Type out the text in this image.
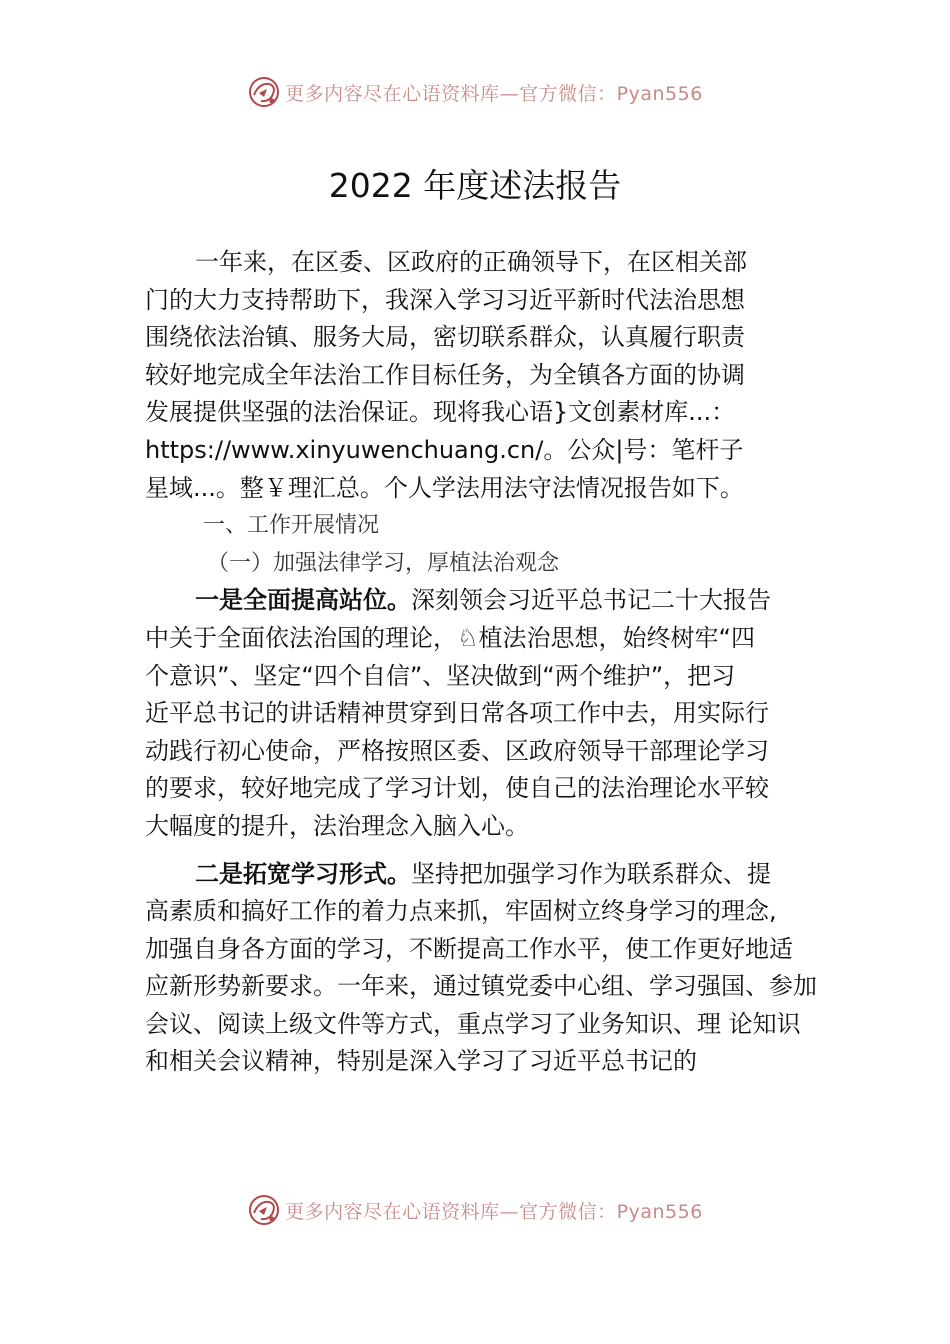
更多内容尽在心语资料库—官方微信：Pyan556
2022 年度述法报告

一年来，在区委、区政府的正确领导下，在区相关部
门的大力支持帮助下，我深入学习习近平新时代法治思想
围绕依法治镇、服务大局，密切联系群众，认真履行职责
较好地完成全年法治工作目标任务，为全镇各方面的协调
发展提供坚强的法治保证。现将我心语}文创素材库...：
https://www.xinyuwenchuang.cn/。公众|号：笔杆子
星域...。整￥理汇总。个人学法用法守法情况报告如下。

一、工作开展情况

（一）加强法律学习，厚植法治观念

一是全面提高站位。深刻领会习近平总书记二十大报告
中关于全面依法治国的理论，♘植法治思想，始终树牢“四
个意识”、坚定“四个自信”、坚决做到“两个维护”，把习
近平总书记的讲话精神贯穿到日常各项工作中去，用实际行
动践行初心使命，严格按照区委、区政府领导干部理论学习
的要求，较好地完成了学习计划，使自己的法治理论水平较
大幅度的提升，法治理念入脑入心。

二是拓宽学习形式。坚持把加强学习作为联系群众、提
高素质和搞好工作的着力点来抓，牢固树立终身学习的理念,
加强自身各方面的学习，不断提高工作水平，使工作更好地适
应新形势新要求。一年来，通过镇党委中心组、学习强国、参加
会议、阅读上级文件等方式，重点学习了业务知识、理 论知识
和相关会议精神，特别是深入学习了习近平总书记的

更多内容尽在心语资料库—官方微信：Pyan556
